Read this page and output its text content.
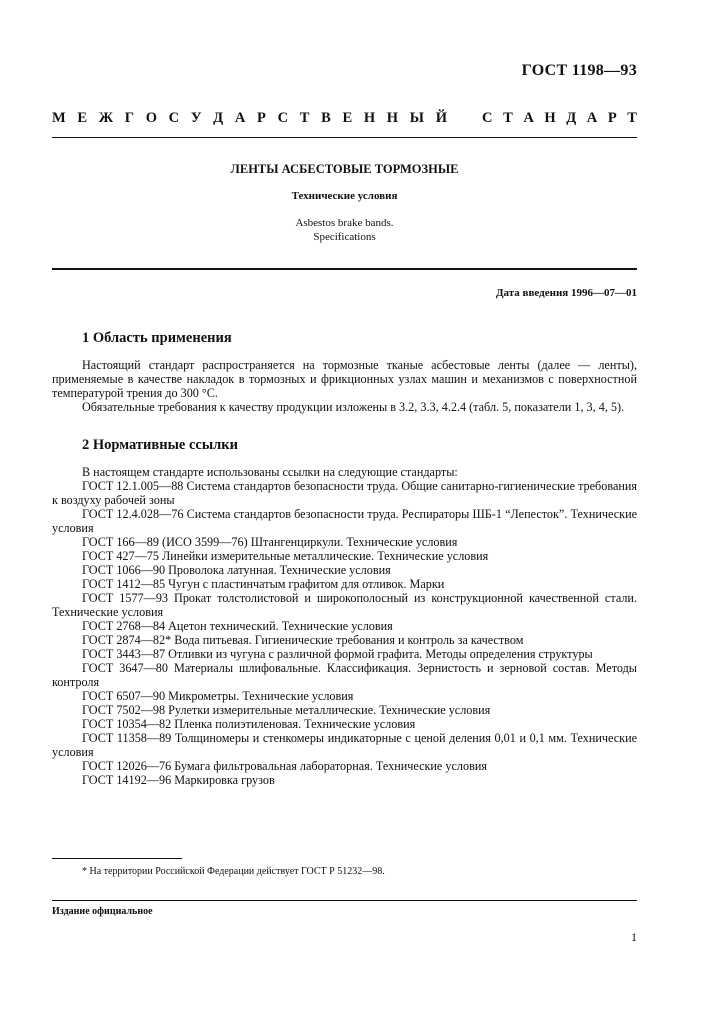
ГОСТ 1198—93
М Е Ж Г О С У Д А Р С Т В Е Н Н Ы Й С Т А Н Д А Р Т
ЛЕНТЫ АСБЕСТОВЫЕ ТОРМОЗНЫЕ
Технические условия
Asbestos brake bands.
Specifications
Дата введения 1996—07—01
1 Область применения

Настоящий стандарт распространяется на тормозные тканые асбестовые ленты (далее — ленты), применяемые в качестве накладок в тормозных и фрикционных узлах машин и механизмов с поверхностной температурой трения до 300 °С.

Обязательные требования к качеству продукции изложены в 3.2, 3.3, 4.2.4 (табл. 5, показатели 1, 3, 4, 5).

2 Нормативные ссылки

В настоящем стандарте использованы ссылки на следующие стандарты:

ГОСТ 12.1.005—88 Система стандартов безопасности труда. Общие санитарно-гигиенические требования к воздуху рабочей зоны

ГОСТ 12.4.028—76 Система стандартов безопасности труда. Респираторы ШБ-1 “Лепесток”. Технические условия

ГОСТ 166—89 (ИСО 3599—76) Штангенциркули. Технические условия

ГОСТ 427—75 Линейки измерительные металлические. Технические условия

ГОСТ 1066—90 Проволока латунная. Технические условия

ГОСТ 1412—85 Чугун с пластинчатым графитом для отливок. Марки

ГОСТ 1577—93 Прокат толстолистовой и широкополосный из конструкционной качественной стали. Технические условия

ГОСТ 2768—84 Ацетон технический. Технические условия

ГОСТ 2874—82* Вода питьевая. Гигиенические требования и контроль за качеством

ГОСТ 3443—87 Отливки из чугуна с различной формой графита. Методы определения структуры

ГОСТ 3647—80 Материалы шлифовальные. Классификация. Зернистость и зерновой состав. Методы контроля

ГОСТ 6507—90 Микрометры. Технические условия

ГОСТ 7502—98 Рулетки измерительные металлические. Технические условия

ГОСТ 10354—82 Пленка полиэтиленовая. Технические условия

ГОСТ 11358—89 Толщиномеры и стенкомеры индикаторные с ценой деления 0,01 и 0,1 мм. Технические условия

ГОСТ 12026—76 Бумага фильтровальная лабораторная. Технические условия

ГОСТ 14192—96 Маркировка грузов

* На территории Российской Федерации действует ГОСТ Р 51232—98.
Издание официальное
1
